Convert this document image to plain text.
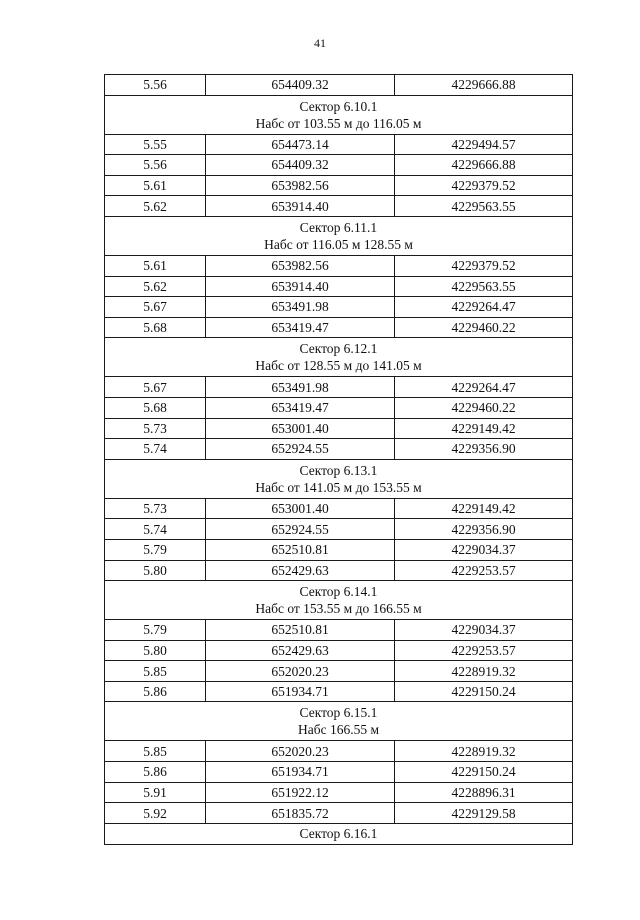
41
5.56	654409.32	4229666.88

Сектор 6.10.1
Набс от 103.55 м до 116.05 м		

5.55	654473.14	4229494.57
5.56	654409.32	4229666.88
5.61	653982.56	4229379.52
5.62	653914.40	4229563.55

Сектор 6.11.1
Набс от 116.05 м 128.55 м		

5.61	653982.56	4229379.52
5.62	653914.40	4229563.55
5.67	653491.98	4229264.47
5.68	653419.47	4229460.22

Сектор 6.12.1
Набс от 128.55 м до 141.05 м		

5.67	653491.98	4229264.47
5.68	653419.47	4229460.22
5.73	653001.40	4229149.42
5.74	652924.55	4229356.90

Сектор 6.13.1
Набс от 141.05 м до 153.55 м		

5.73	653001.40	4229149.42
5.74	652924.55	4229356.90
5.79	652510.81	4229034.37
5.80	652429.63	4229253.57

Сектор 6.14.1
Набс от 153.55 м до 166.55 м		

5.79	652510.81	4229034.37
5.80	652429.63	4229253.57
5.85	652020.23	4228919.32
5.86	651934.71	4229150.24

Сектор 6.15.1
Набс 166.55 м		

5.85	652020.23	4228919.32
5.86	651934.71	4229150.24
5.91	651922.12	4228896.31
5.92	651835.72	4229129.58

Сектор 6.16.1		
